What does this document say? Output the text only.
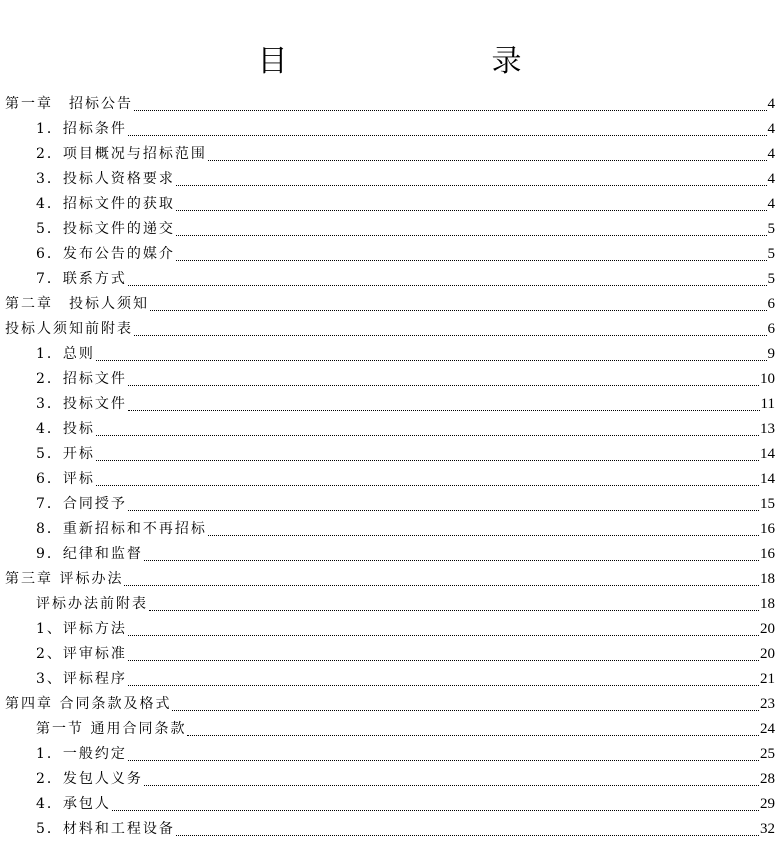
目　　录
第一章　招标公告	4
1．招标条件	4
2．项目概况与招标范围	4
3．投标人资格要求	4
4．招标文件的获取	4
5．投标文件的递交	5
6．发布公告的媒介	5
7．联系方式	5
第二章　投标人须知	6
投标人须知前附表	6
1．总则	9
2．招标文件	10
3．投标文件	11
4．投标	13
5．开标	14
6．评标	14
7．合同授予	15
8．重新招标和不再招标	16
9．纪律和监督	16
第三章 评标办法	18
评标办法前附表	18
1、评标方法	20
2、评审标准	20
3、评标程序	21
第四章 合同条款及格式	23
第一节 通用合同条款	24
1．一般约定	25
2．发包人义务	28
4．承包人	29
5．材料和工程设备	32
